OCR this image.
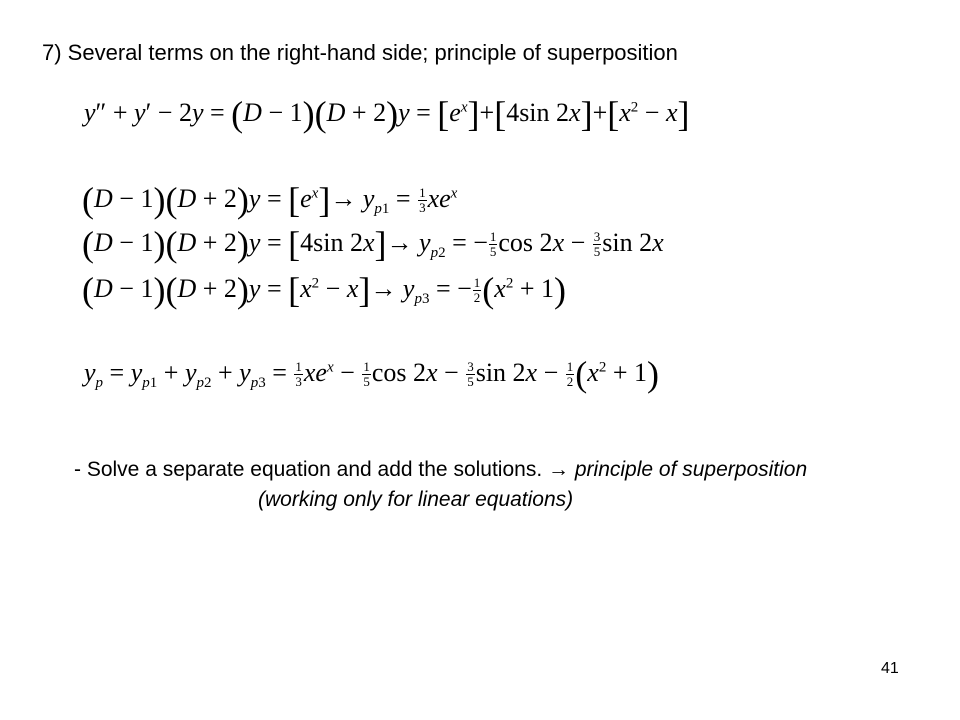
7) Several terms on the right-hand side; principle of superposition
$y'' + y' - 2y = (D - 1)(D + 2)y = [e^x]+[4\sin$ $2x]+[x^2 - x]$
$(D - 1)(D + 2)y = [e^x]\to y_{p1} = \frac{1}{3} xe^x$
(D − 1)(D + 2)y = [4sin $2x]\to y_{p2}$ = − $\frac{1}{5}$ $\cos 2x - \frac{3}{5}$ sin 2x
$(D - 1)(D + 2)y = [x^2 - x]\to y_{p3}$ = − $\frac{1}{2} (x^2 + 1)$
$y_p = y_{p1} + y_{p2} + y_{p3} = \frac{1}{3} xe^x - \frac{1}{5}$ $\cos 2x - \frac{3}{5}$ $\sin 2x - \frac{1}{2} (x^2 + 1)$
- Solve a separate equation and add the solutions. → principle of superposition
(working only for linear equations)
41
